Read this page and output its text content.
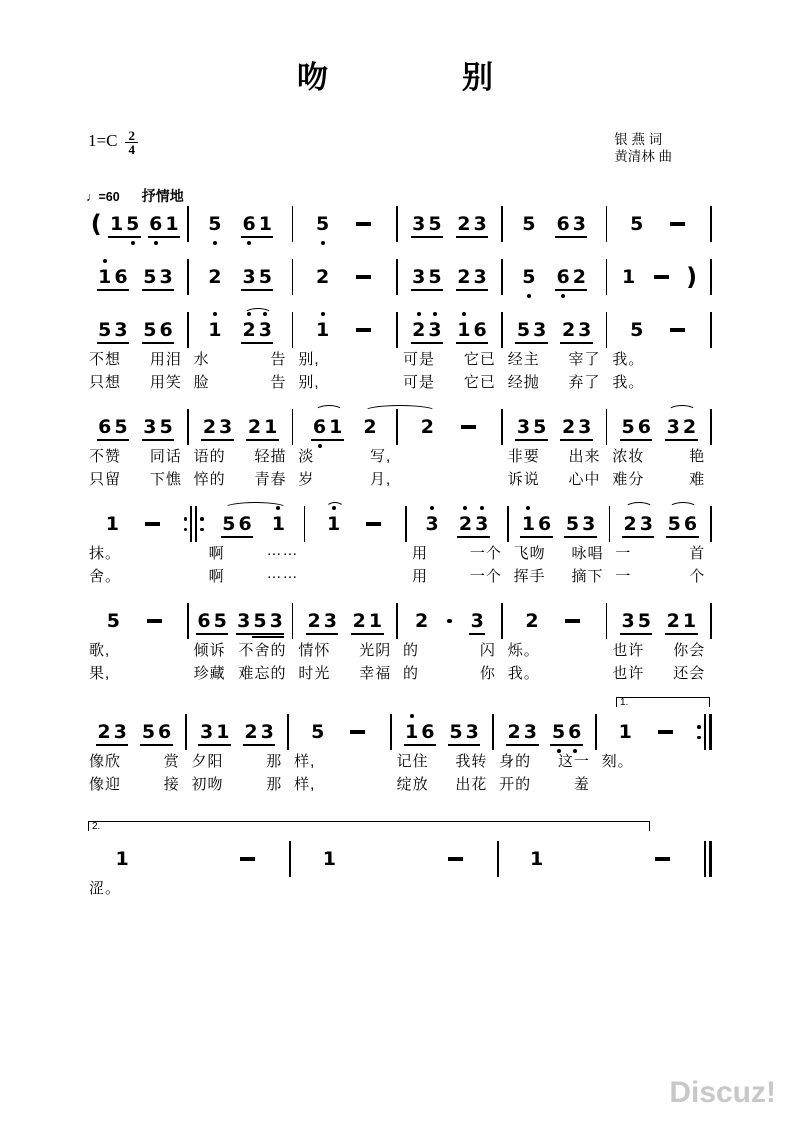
吻	别
$1=C \frac{2}{4}$	银 燕 词
黄清林 曲
♩=60 抒情地
( 1 5 6 1 5 6 1 5	3 5 2 3 5 6 3 5
1 6 5 3 2 3 5 2	3 5 2 3 5 6 2 1 )
5 3 5 6
不想 用泪
只想 用笑
1 2 3
水	告
脸	告
1
别,
别,
2 3 1 6
可是 它已
可是 它已
5 3 2 3
经主 宰了
经抛 弃了
5
我。
我。
6 5 3 5
不赞 同话
只留 下憔
2 3 2 1
语的 轻描
悴的 青春
6 1 2
淡	写,
岁	月,
2	3 5 2 3
非要 出来
诉说 心中
5 6 3 2
浓妆	艳
难分	难
1
抹。
舍。
5 6 1
啊	……
啊	……
1	3 2 3
用	一个
用	一个
1 6 5 3
飞吻 咏唱
挥手 摘下
2 3 5 6
一	首
一	个
5
歌,
果,
6 5 3 5 3
倾诉 不舍的
珍藏 难忘的
2 3 2 1
情怀 光阴
时光 幸福
2 3
的	闪
的	你
2
烁。
我。
3 5 2 1
也许 你会
也许 还会
2 3 5 6
像欣	赏
像迎	接
3 1 2 3
夕阳	那
初吻	那
5
样,
样,
1 6 5 3
记住 我转
绽放 出花
2 3 5 6
身的 这一
开的	羞
1
刻。
1.
1
涩。
1	1
2.
Discuz!
